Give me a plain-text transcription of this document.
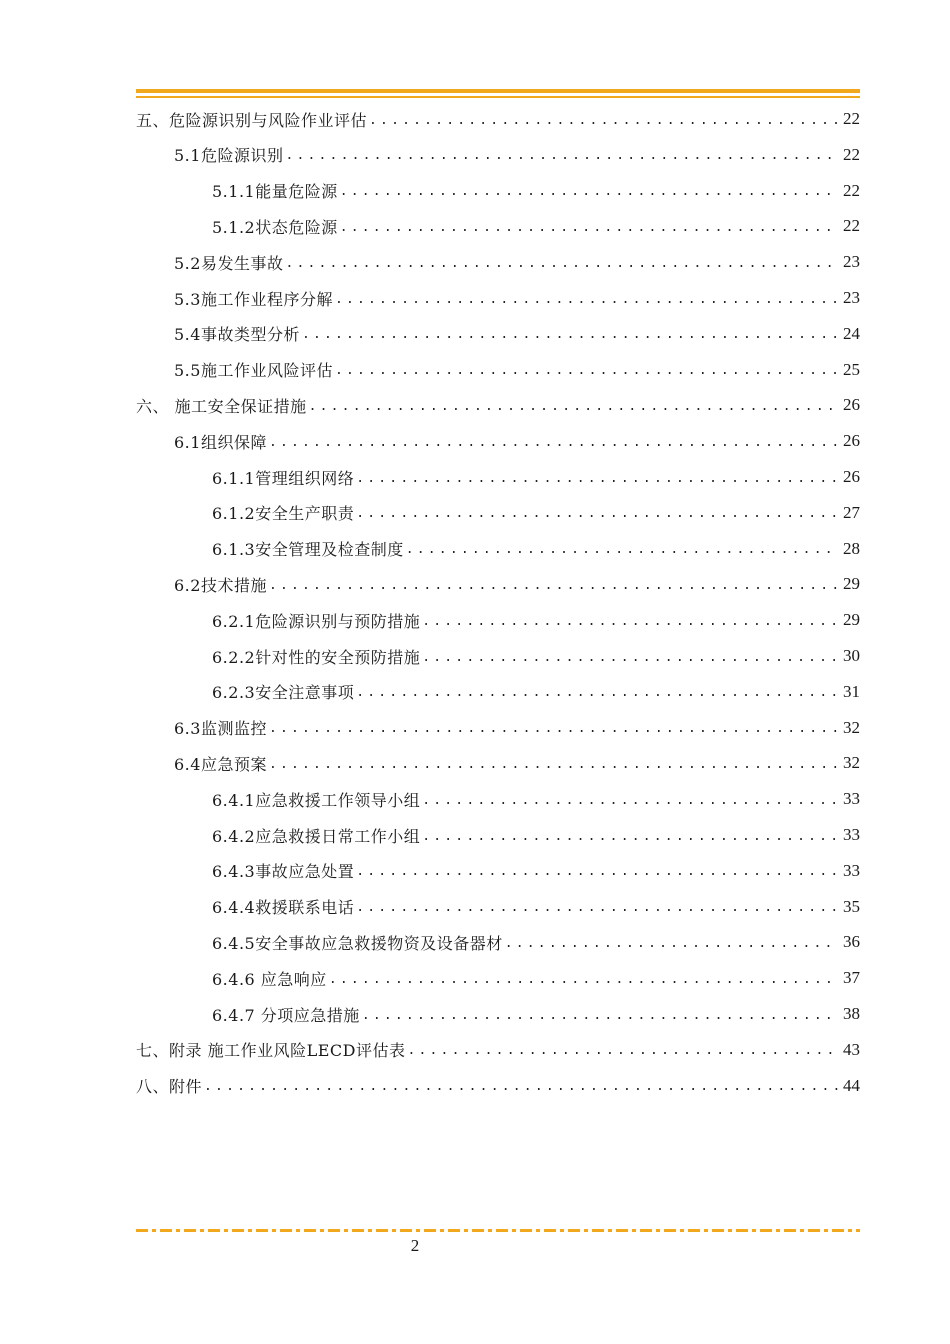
五、危险源识别与风险作业评估 .....	22
5.1危险源识别 .....	22
5.1.1能量危险源 .....	22
5.1.2状态危险源 .....	22
5.2易发生事故 .....	23
5.3施工作业程序分解 .....	23
5.4事故类型分析 .....	24
5.5施工作业风险评估 .....	25
六、 施工安全保证措施 .....	26
6.1组织保障 .....	26
6.1.1管理组织网络 .....	26
6.1.2安全生产职责 .....	27
6.1.3安全管理及检查制度 .....	28
6.2技术措施 .....	29
6.2.1危险源识别与预防措施 .....	29
6.2.2针对性的安全预防措施 .....	30
6.2.3安全注意事项 .....	31
6.3监测监控 .....	32
6.4应急预案 .....	32
6.4.1应急救援工作领导小组 .....	33
6.4.2应急救援日常工作小组 .....	33
6.4.3事故应急处置 .....	33
6.4.4救援联系电话 .....	35
6.4.5安全事故应急救援物资及设备器材 .....	36
6.4.6 应急响应 .....	37
6.4.7 分项应急措施 .....	38
七、附录 施工作业风险LECD评估表 .....	43
八、附件 .....	44
2
